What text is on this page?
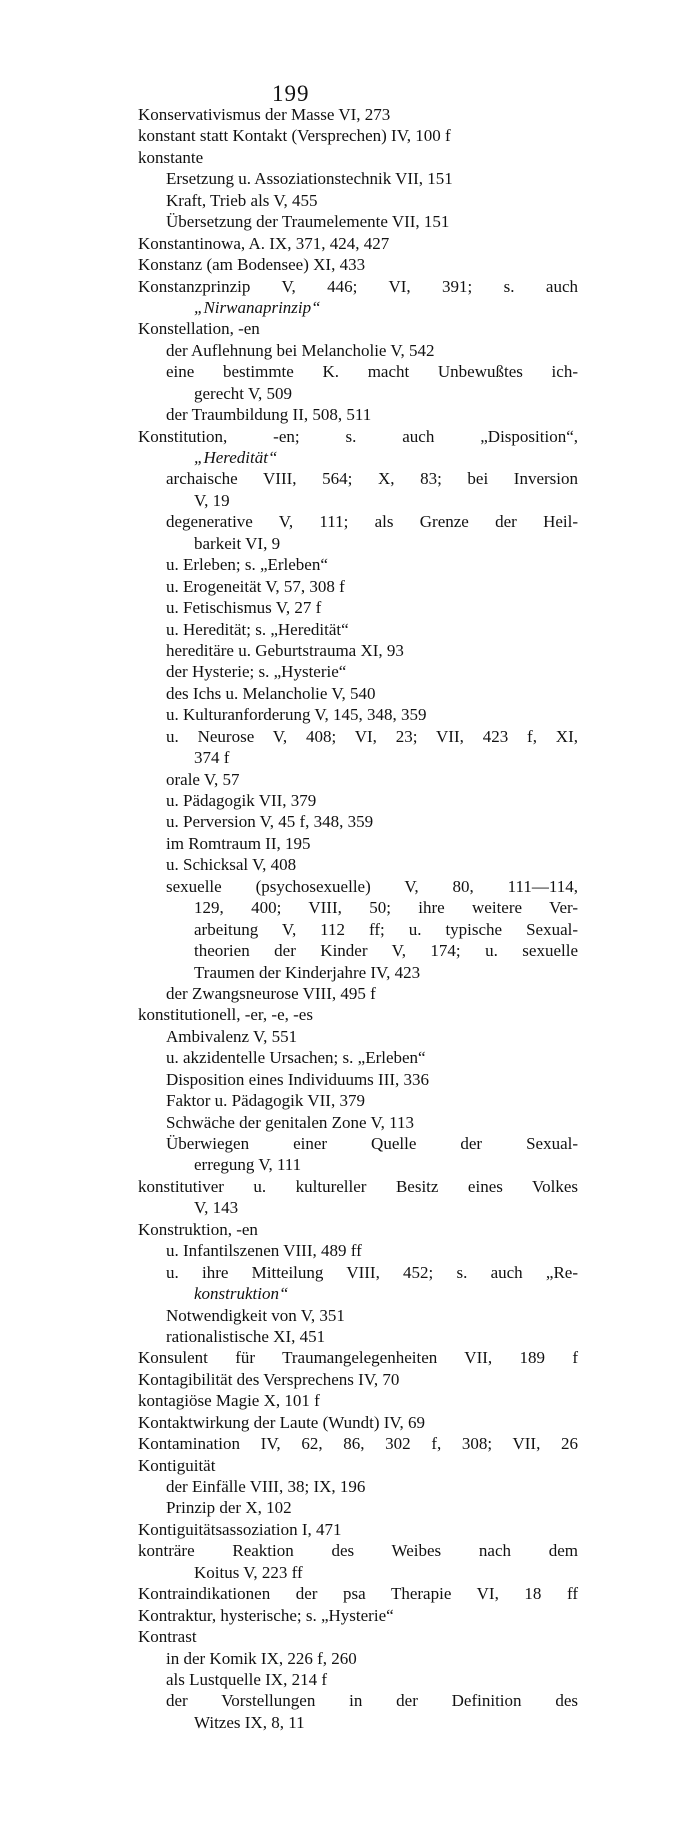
199
Konservativismus der Masse VI, 273
konstant statt Kontakt (Versprechen) IV, 100 f
konstante
Ersetzung u. Assoziationstechnik VII, 151
Kraft, Trieb als V, 455
Übersetzung der Traumelemente VII, 151
Konstantinowa, A. IX, 371, 424, 427
Konstanz (am Bodensee) XI, 433
Konstanzprinzip V, 446; VI, 391; s. auch
„Nirwanaprinzip“
Konstellation, -en
der Auflehnung bei Melancholie V, 542
eine bestimmte K. macht Unbewußtes ich-
gerecht V, 509
der Traumbildung II, 508, 511
Konstitution, -en; s. auch „Disposition“,
„Heredität“
archaische VIII, 564; X, 83; bei Inversion
V, 19
degenerative V, 111; als Grenze der Heil-
barkeit VI, 9
u. Erleben; s. „Erleben“
u. Erogeneität V, 57, 308 f
u. Fetischismus V, 27 f
u. Heredität; s. „Heredität“
hereditäre u. Geburtstrauma XI, 93
der Hysterie; s. „Hysterie“
des Ichs u. Melancholie V, 540
u. Kulturanforderung V, 145, 348, 359
u. Neurose V, 408; VI, 23; VII, 423 f, XI,
374 f
orale V, 57
u. Pädagogik VII, 379
u. Perversion V, 45 f, 348, 359
im Romtraum II, 195
u. Schicksal V, 408
sexuelle (psychosexuelle) V, 80, 111—114,
129, 400; VIII, 50; ihre weitere Ver-
arbeitung V, 112 ff; u. typische Sexual-
theorien der Kinder V, 174; u. sexuelle
Traumen der Kinderjahre IV, 423
der Zwangsneurose VIII, 495 f
konstitutionell, -er, -e, -es
Ambivalenz V, 551
u. akzidentelle Ursachen; s. „Erleben“
Disposition eines Individuums III, 336
Faktor u. Pädagogik VII, 379
Schwäche der genitalen Zone V, 113
Überwiegen einer Quelle der Sexual-
erregung V, 111
konstitutiver u. kultureller Besitz eines Volkes
V, 143
Konstruktion, -en
u. Infantilszenen VIII, 489 ff
u. ihre Mitteilung VIII, 452; s. auch „Re-
konstruktion“
Notwendigkeit von V, 351
rationalistische XI, 451
Konsulent für Traumangelegenheiten VII, 189 f
Kontagibilität des Versprechens IV, 70
kontagiöse Magie X, 101 f
Kontaktwirkung der Laute (Wundt) IV, 69
Kontamination IV, 62, 86, 302 f, 308; VII, 26
Kontiguität
der Einfälle VIII, 38; IX, 196
Prinzip der X, 102
Kontiguitätsassoziation I, 471
konträre Reaktion des Weibes nach dem
Koitus V, 223 ff
Kontraindikationen der psa Therapie VI, 18 ff
Kontraktur, hysterische; s. „Hysterie“
Kontrast
in der Komik IX, 226 f, 260
als Lustquelle IX, 214 f
der Vorstellungen in der Definition des
Witzes IX, 8, 11
